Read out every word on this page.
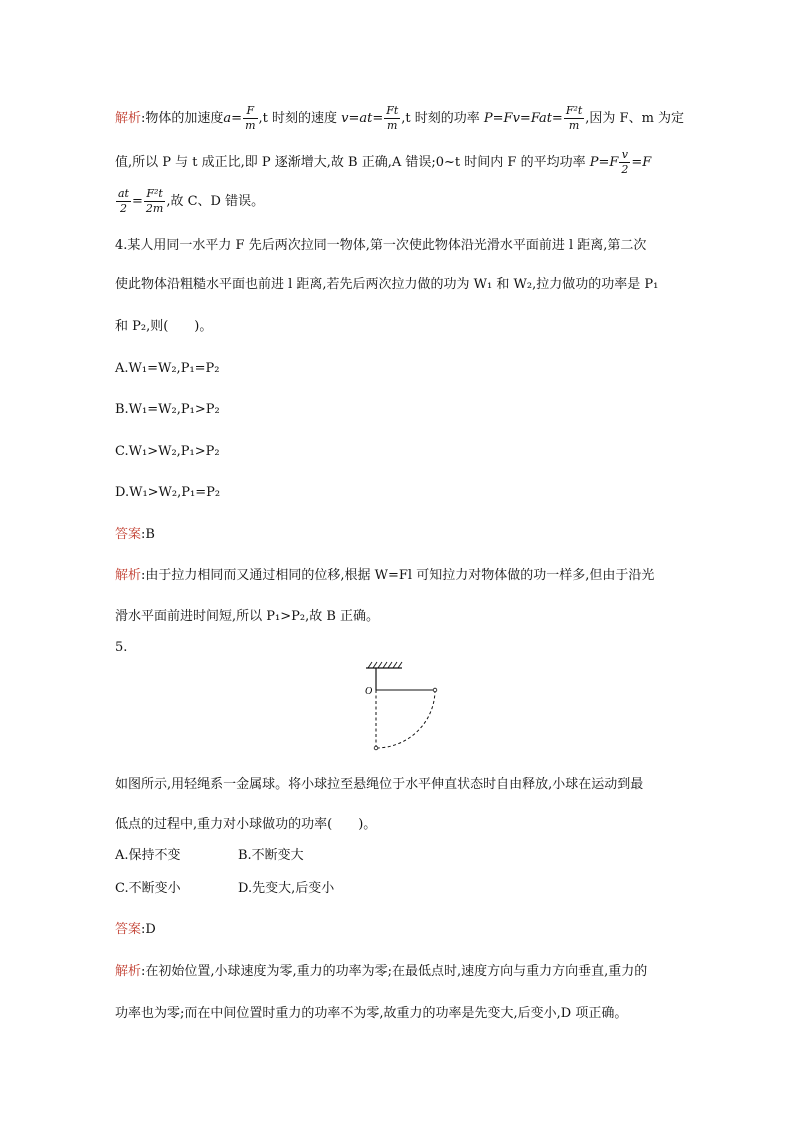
解析:物体的加速度$a= \frac{F}{m} ,t$ 时刻的速度 $v=at= \frac{Ft}{m} ,t$ 时刻的功率 $P=Fv=Fat= \frac{\text{F²t}}{m}$ ,因为 F、m 为定
值,所以 P 与 t 成正比,即 P 逐渐增大,故 B 正确,A 错误;0~t 时间内 F 的平均功率 $P=F \frac{v}{2} =F$
$\frac{at}{2} = \frac{\text{F²t}}{2m}$ ,故 C、D 错误。
4.某人用同一水平力 F 先后两次拉同一物体,第一次使此物体沿光滑水平面前进 l 距离,第二次
使此物体沿粗糙水平面也前进 l 距离,若先后两次拉力做的功为 W₁ 和 W₂,拉力做功的功率是 P₁
和 P₂,则(　　)。
A.W₁=W₂,P₁=P₂
B.W₁=W₂,P₁>P₂
C.W₁>W₂,P₁>P₂
D.W₁>W₂,P₁=P₂
答案:B
解析:由于拉力相同而又通过相同的位移,根据 W=Fl 可知拉力对物体做的功一样多,但由于沿光
滑水平面前进时间短,所以 P₁>P₂,故 B 正确。
5.
O
如图所示,用轻绳系一金属球。将小球拉至悬绳位于水平伸直状态时自由释放,小球在运动到最
低点的过程中,重力对小球做功的功率(　　)。
A.保持不变	B.不断变大
C.不断变小	D.先变大,后变小
答案:D
解析:在初始位置,小球速度为零,重力的功率为零;在最低点时,速度方向与重力方向垂直,重力的
功率也为零;而在中间位置时重力的功率不为零,故重力的功率是先变大,后变小,D 项正确。
